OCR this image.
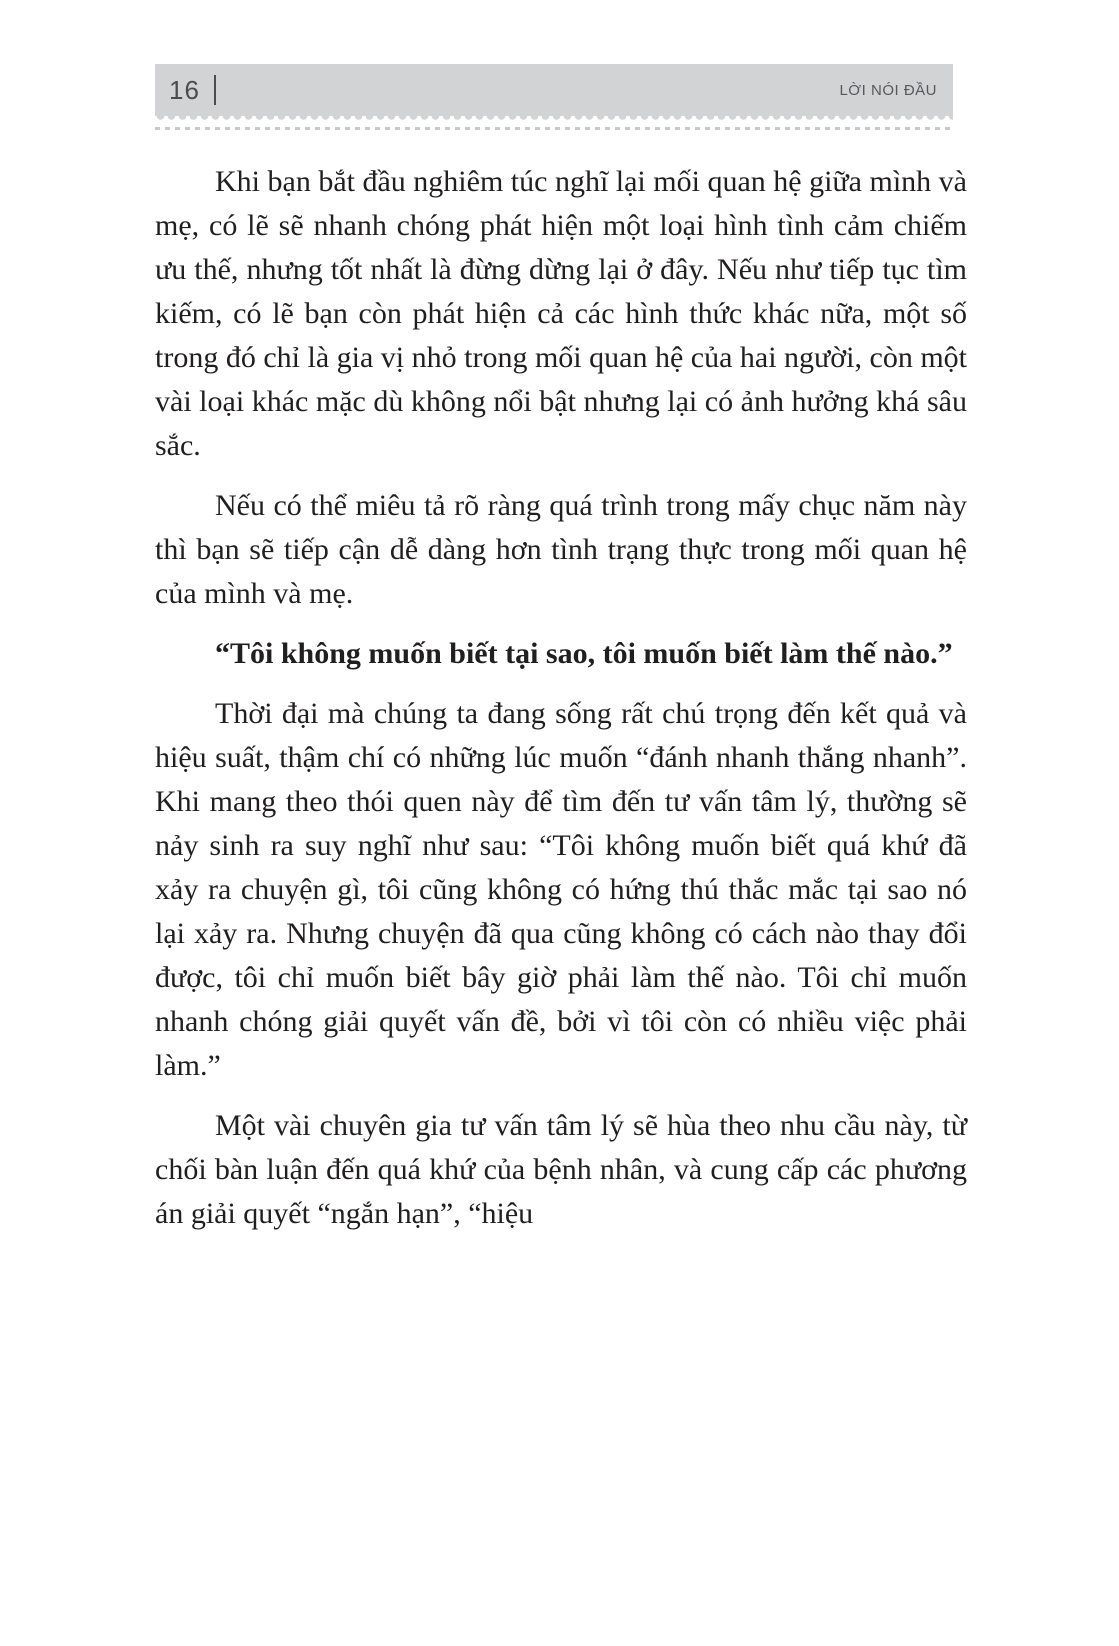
16	LỜI NÓI ĐẦU

Khi bạn bắt đầu nghiêm túc nghĩ lại mối quan hệ giữa mình và mẹ, có lẽ sẽ nhanh chóng phát hiện một loại hình tình cảm chiếm ưu thế, nhưng tốt nhất là đừng dừng lại ở đây. Nếu như tiếp tục tìm kiếm, có lẽ bạn còn phát hiện cả các hình thức khác nữa, một số trong đó chỉ là gia vị nhỏ trong mối quan hệ của hai người, còn một vài loại khác mặc dù không nổi bật nhưng lại có ảnh hưởng khá sâu sắc.

Nếu có thể miêu tả rõ ràng quá trình trong mấy chục năm này thì bạn sẽ tiếp cận dễ dàng hơn tình trạng thực trong mối quan hệ của mình và mẹ.

“Tôi không muốn biết tại sao, tôi muốn biết làm thế nào.”

Thời đại mà chúng ta đang sống rất chú trọng đến kết quả và hiệu suất, thậm chí có những lúc muốn “đánh nhanh thắng nhanh”. Khi mang theo thói quen này để tìm đến tư vấn tâm lý, thường sẽ nảy sinh ra suy nghĩ như sau: “Tôi không muốn biết quá khứ đã xảy ra chuyện gì, tôi cũng không có hứng thú thắc mắc tại sao nó lại xảy ra. Nhưng chuyện đã qua cũng không có cách nào thay đổi được, tôi chỉ muốn biết bây giờ phải làm thế nào. Tôi chỉ muốn nhanh chóng giải quyết vấn đề, bởi vì tôi còn có nhiều việc phải làm.”

Một vài chuyên gia tư vấn tâm lý sẽ hùa theo nhu cầu này, từ chối bàn luận đến quá khứ của bệnh nhân, và cung cấp các phương án giải quyết “ngắn hạn”, “hiệu
